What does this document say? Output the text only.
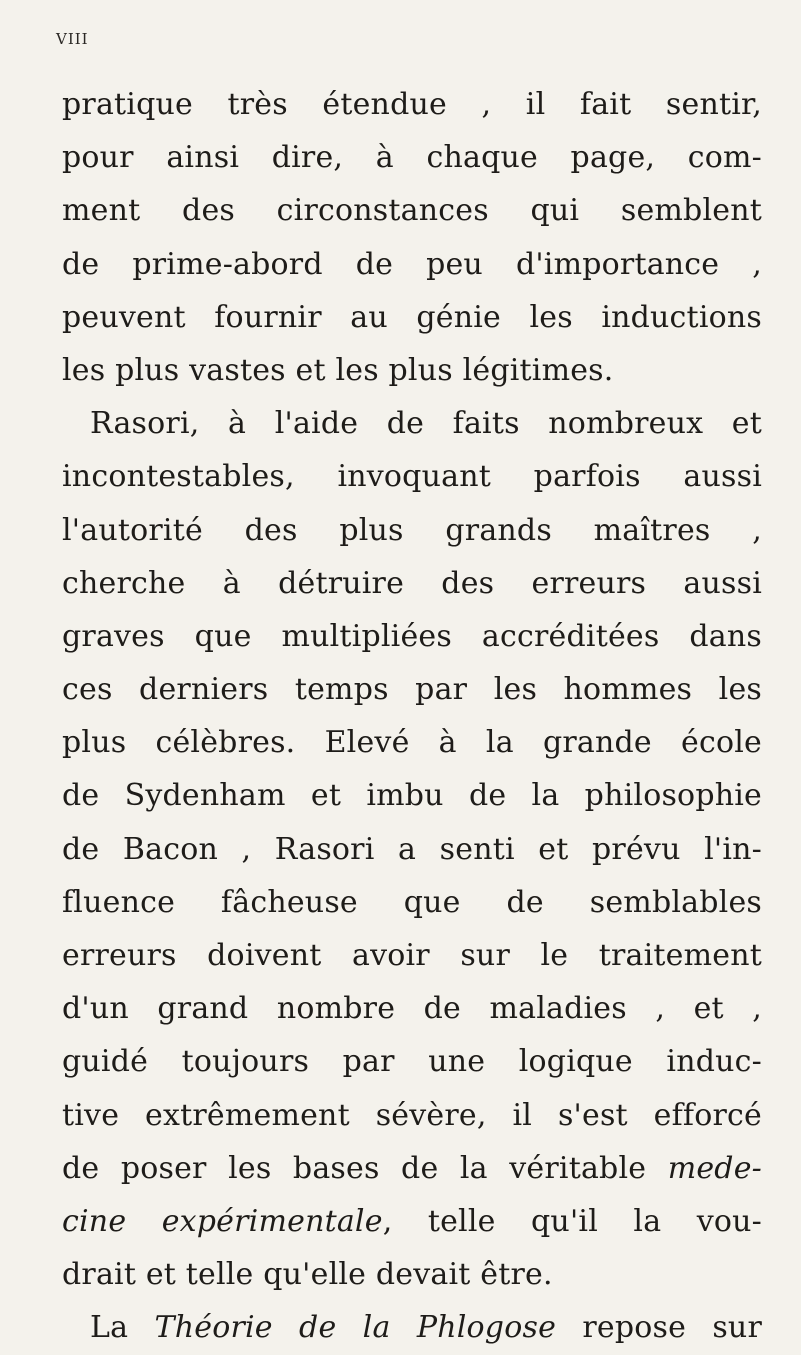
VIII
pratique très étendue , il fait sentir,
pour ainsi dire, à chaque page, com-
ment des circonstances qui semblent
de prime-abord de peu d'importance ,
peuvent fournir au génie les inductions
les plus vastes et les plus légitimes.
Rasori, à l'aide de faits nombreux et
incontestables, invoquant parfois aussi
l'autorité des plus grands maîtres ,
cherche à détruire des erreurs aussi
graves que multipliées accréditées dans
ces derniers temps par les hommes les
plus célèbres. Elevé à la grande école
de Sydenham et imbu de la philosophie
de Bacon , Rasori a senti et prévu l'in-
fluence fâcheuse que de semblables
erreurs doivent avoir sur le traitement
d'un grand nombre de maladies , et ,
guidé toujours par une logique induc-
tive extrêmement sévère, il s'est efforcé
de poser les bases de la véritable mede-
cine expérimentale, telle qu'il la vou-
drait et telle qu'elle devait être.
La Théorie de la Phlogose repose sur
